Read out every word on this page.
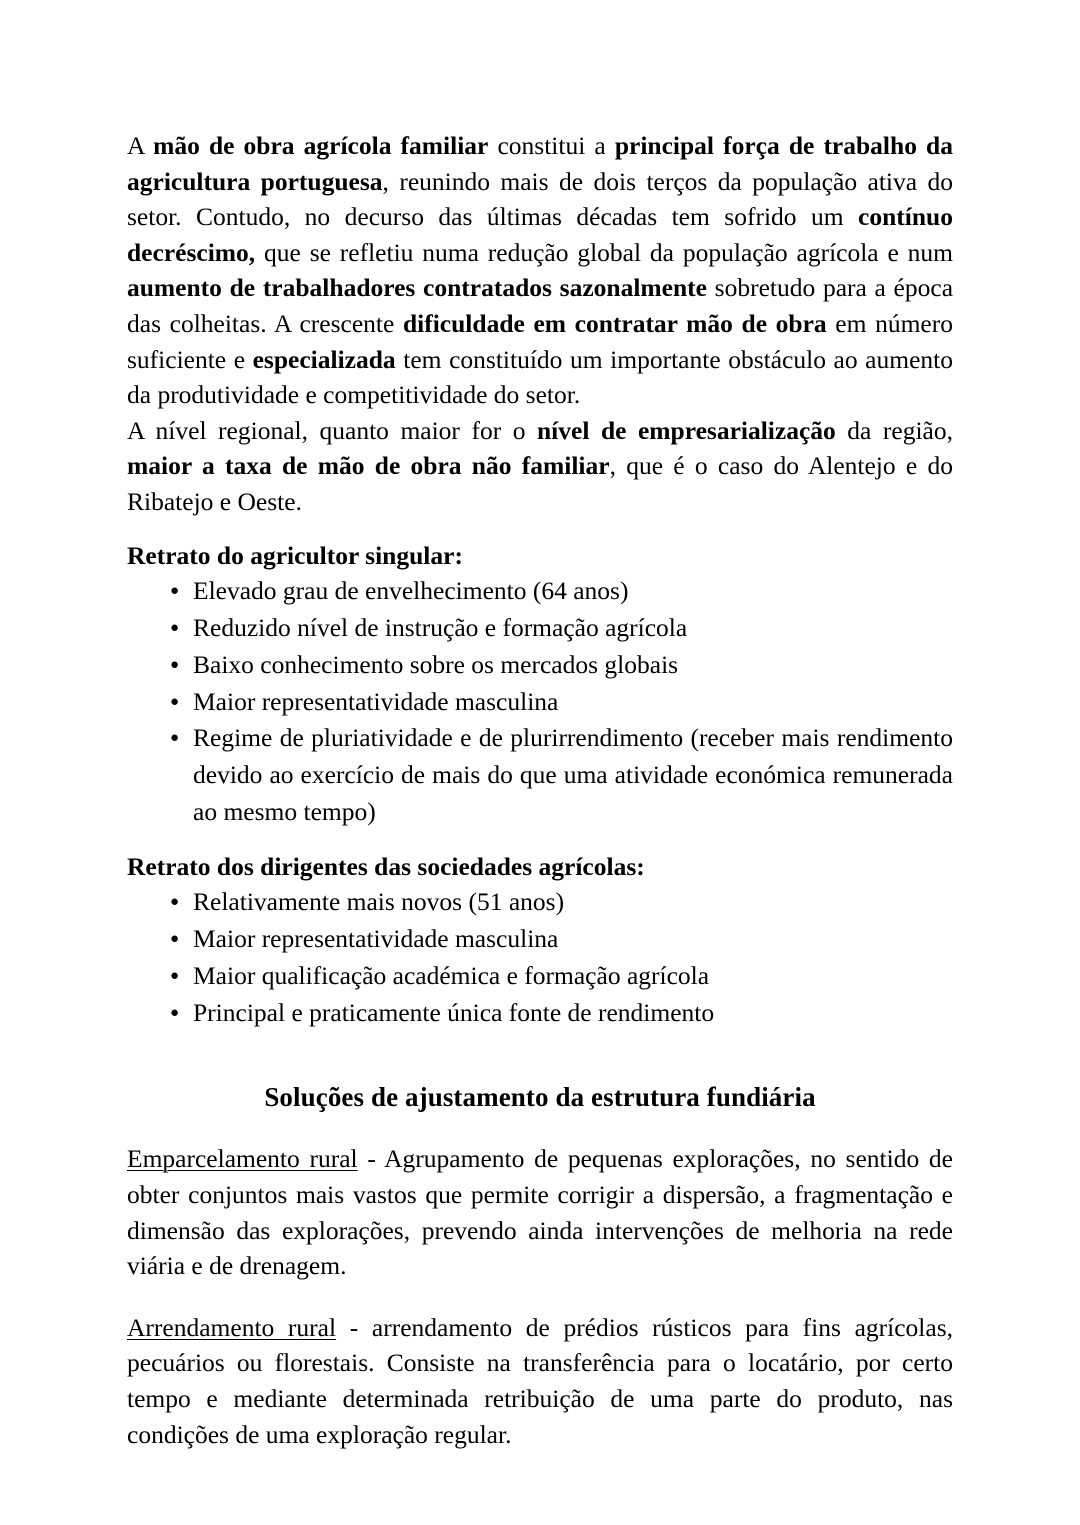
A mão de obra agrícola familiar constitui a principal força de trabalho da agricultura portuguesa, reunindo mais de dois terços da população ativa do setor. Contudo, no decurso das últimas décadas tem sofrido um contínuo decréscimo, que se refletiu numa redução global da população agrícola e num aumento de trabalhadores contratados sazonalmente sobretudo para a época das colheitas. A crescente dificuldade em contratar mão de obra em número suficiente e especializada tem constituído um importante obstáculo ao aumento da produtividade e competitividade do setor.

A nível regional, quanto maior for o nível de empresarialização da região, maior a taxa de mão de obra não familiar, que é o caso do Alentejo e do Ribatejo e Oeste.

Retrato do agricultor singular:
● Elevado grau de envelhecimento (64 anos)
● Reduzido nível de instrução e formação agrícola
● Baixo conhecimento sobre os mercados globais
● Maior representatividade masculina
● Regime de pluriatividade e de plurirrendimento (receber mais rendimento devido ao exercício de mais do que uma atividade económica remunerada ao mesmo tempo)
Retrato dos dirigentes das sociedades agrícolas:
● Relativamente mais novos (51 anos)
● Maior representatividade masculina
● Maior qualificação académica e formação agrícola
● Principal e praticamente única fonte de rendimento
Soluções de ajustamento da estrutura fundiária

Emparcelamento rural - Agrupamento de pequenas explorações, no sentido de obter conjuntos mais vastos que permite corrigir a dispersão, a fragmentação e dimensão das explorações, prevendo ainda intervenções de melhoria na rede viária e de drenagem.

Arrendamento rural - arrendamento de prédios rústicos para fins agrícolas, pecuários ou florestais. Consiste na transferência para o locatário, por certo tempo e mediante determinada retribuição de uma parte do produto, nas condições de uma exploração regular.
